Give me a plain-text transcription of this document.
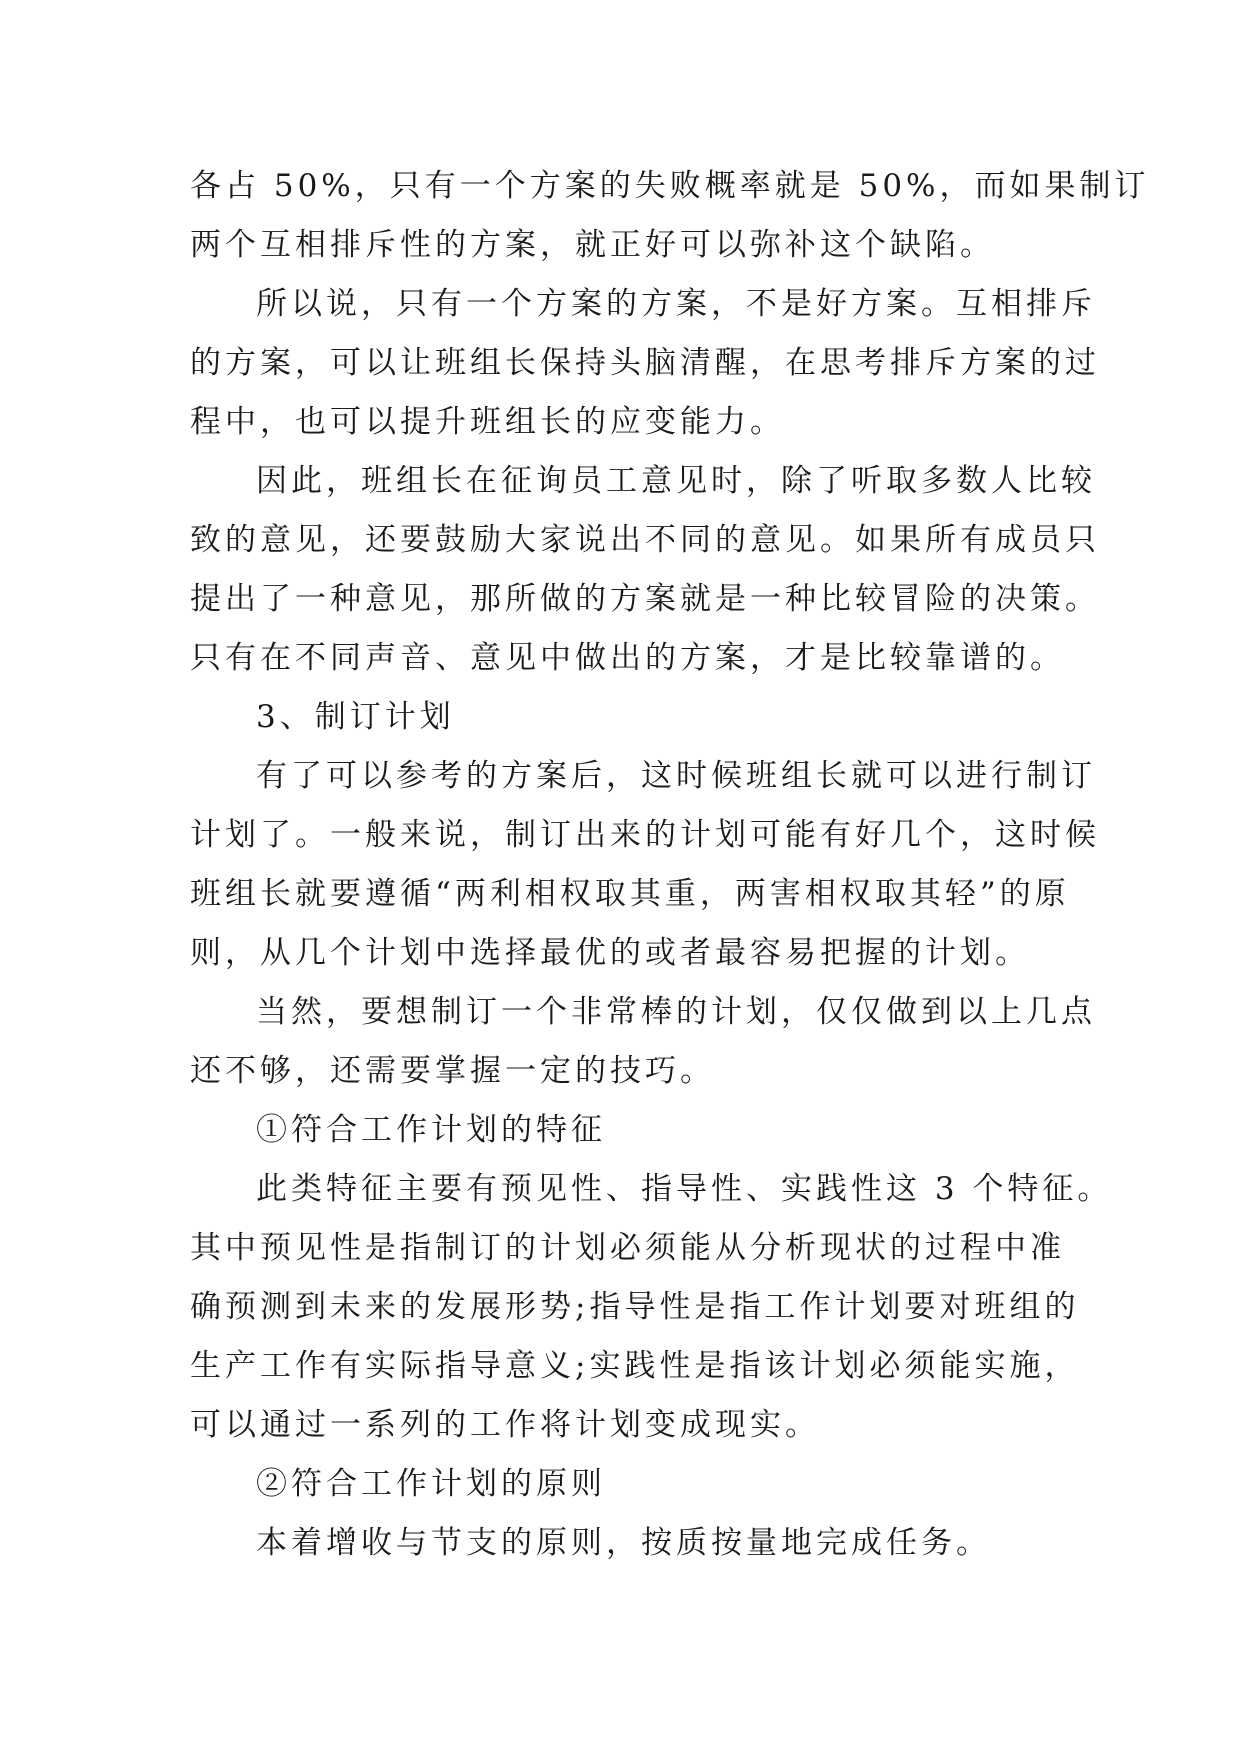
各占 50%，只有一个方案的失败概率就是 50%，而如果制订
两个互相排斥性的方案，就正好可以弥补这个缺陷。
所以说，只有一个方案的方案，不是好方案。互相排斥
的方案，可以让班组长保持头脑清醒，在思考排斥方案的过
程中，也可以提升班组长的应变能力。
因此，班组长在征询员工意见时，除了听取多数人比较
致的意见，还要鼓励大家说出不同的意见。如果所有成员只
提出了一种意见，那所做的方案就是一种比较冒险的决策。
只有在不同声音、意见中做出的方案，才是比较靠谱的。
3、制订计划
有了可以参考的方案后，这时候班组长就可以进行制订
计划了。一般来说，制订出来的计划可能有好几个，这时候
班组长就要遵循“两利相权取其重，两害相权取其轻”的原
则，从几个计划中选择最优的或者最容易把握的计划。
当然，要想制订一个非常棒的计划，仅仅做到以上几点
还不够，还需要掌握一定的技巧。
①符合工作计划的特征
此类特征主要有预见性、指导性、实践性这 3 个特征。
其中预见性是指制订的计划必须能从分析现状的过程中准
确预测到未来的发展形势;指导性是指工作计划要对班组的
生产工作有实际指导意义;实践性是指该计划必须能实施，
可以通过一系列的工作将计划变成现实。
②符合工作计划的原则
本着增收与节支的原则，按质按量地完成任务。
